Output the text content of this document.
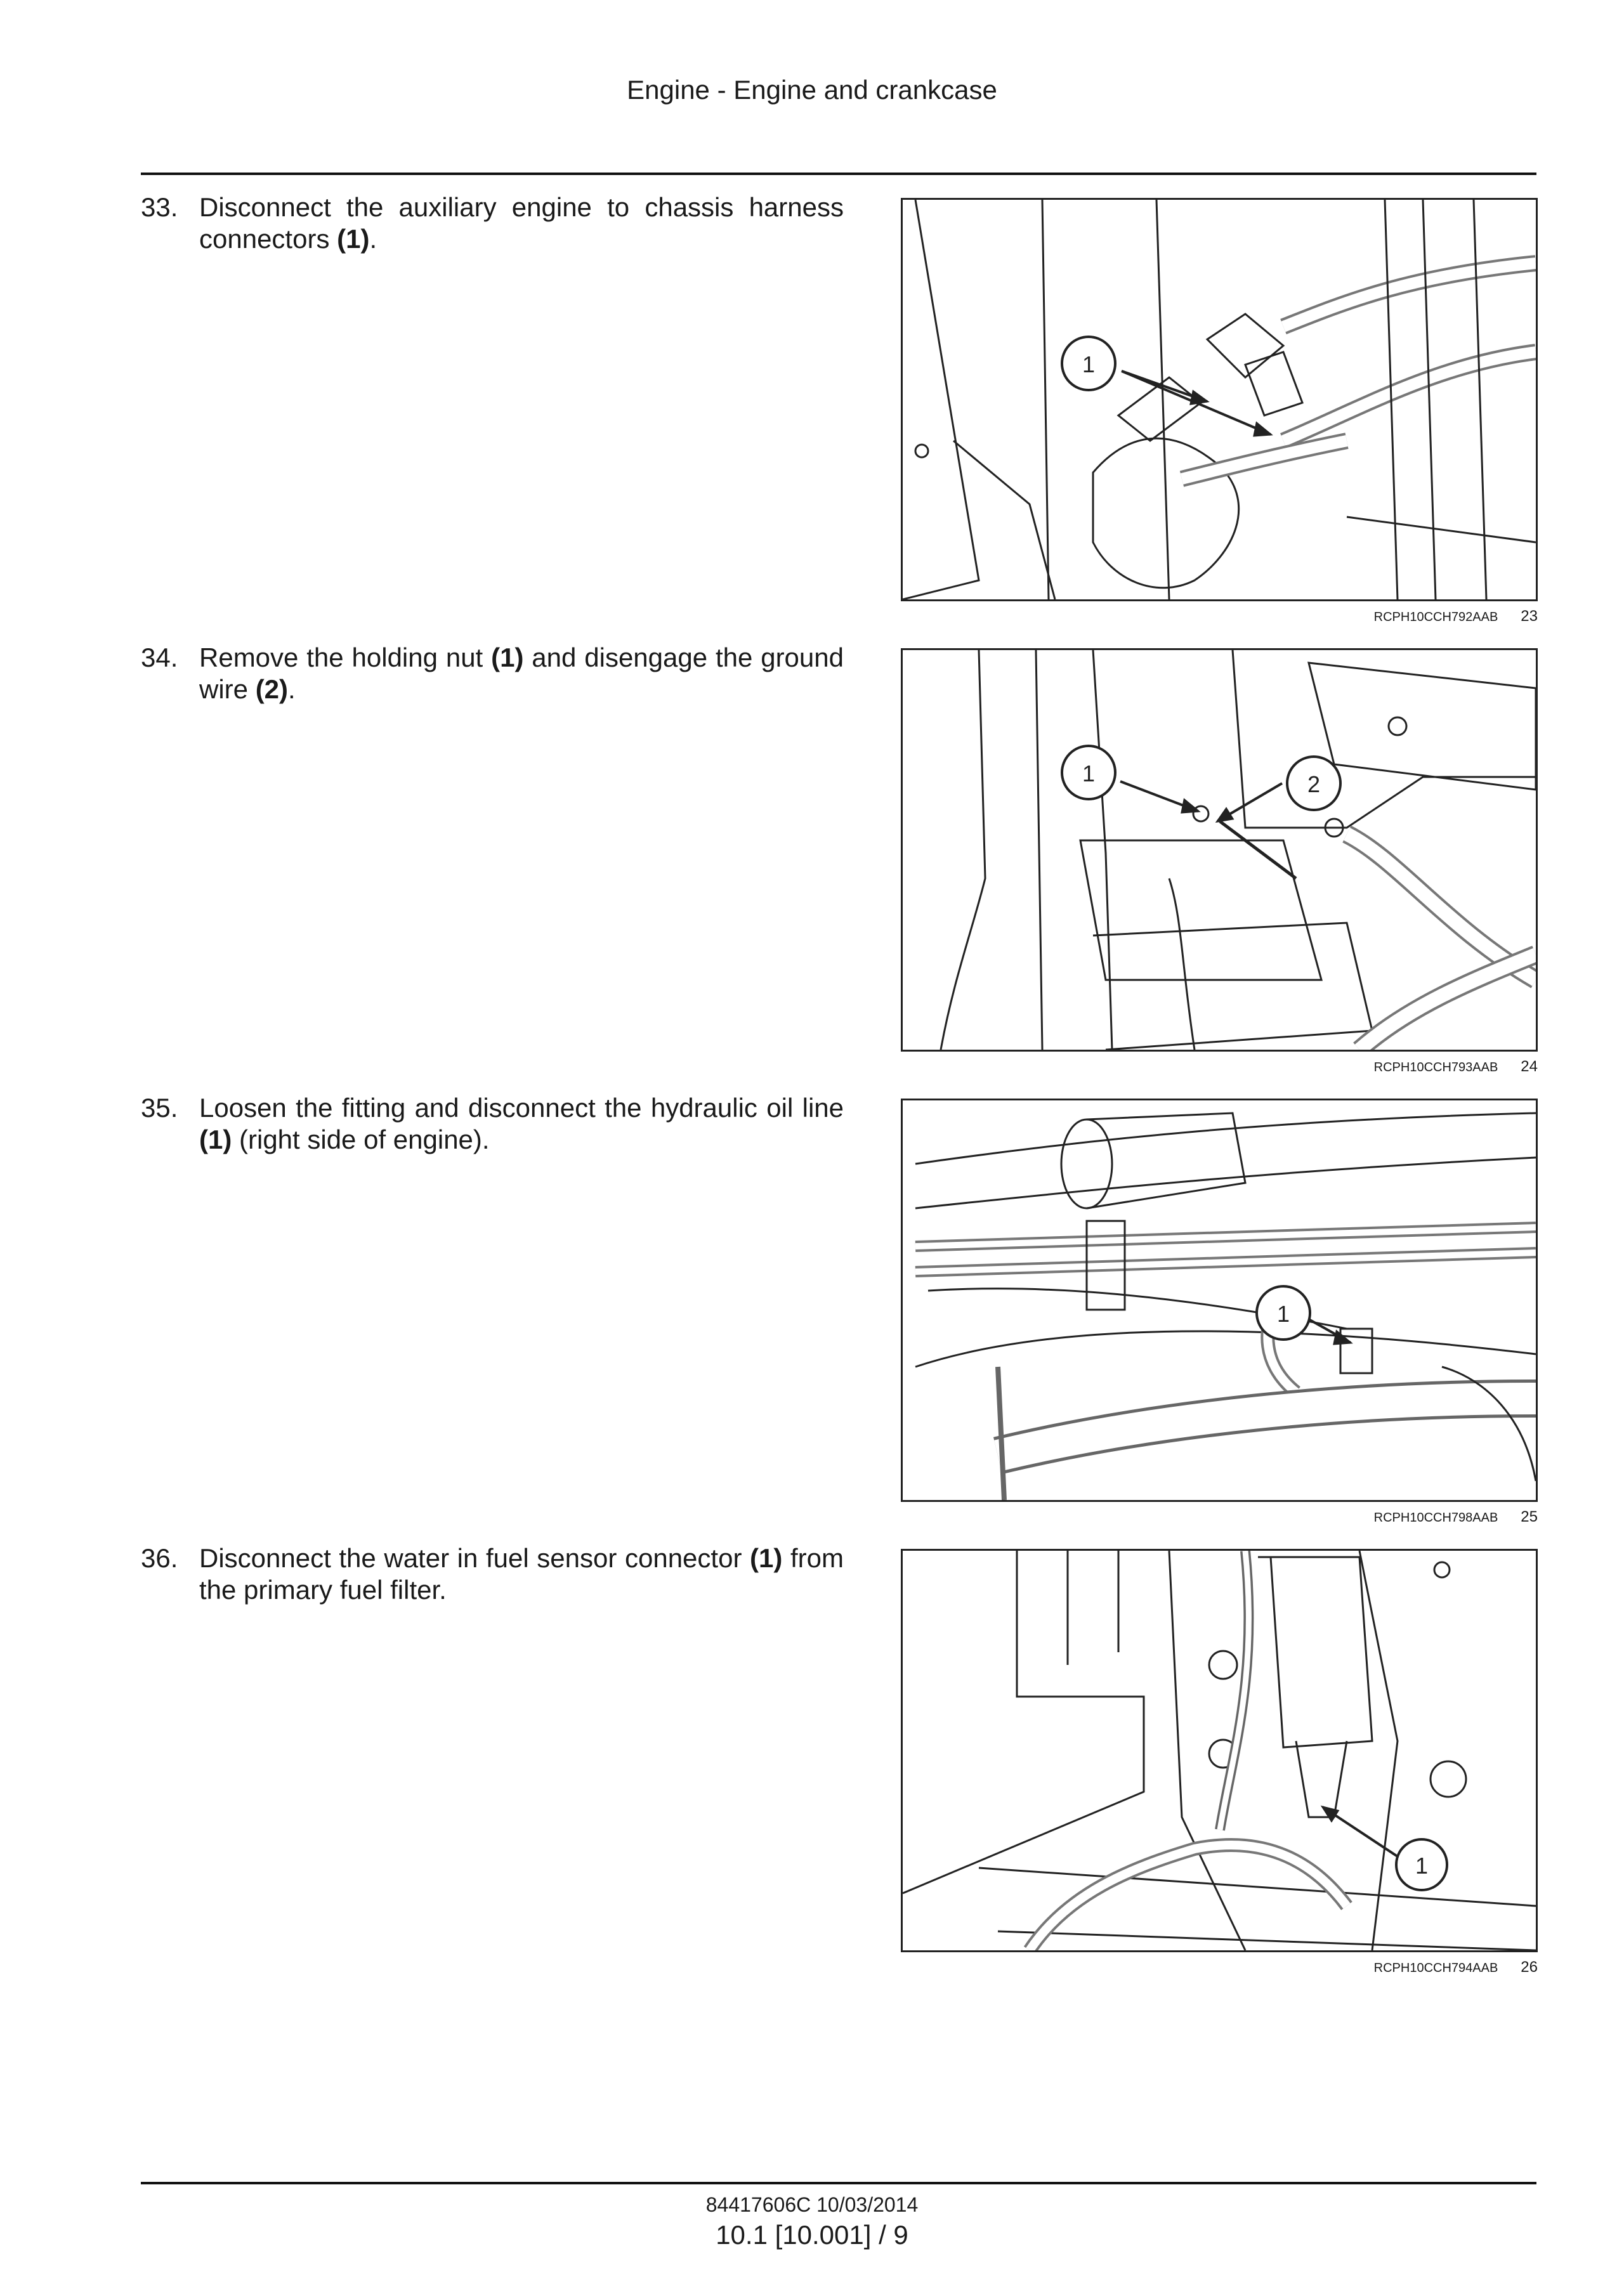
Engine - Engine and crankcase
33. Disconnect the auxiliary engine to chassis harness connectors (1).
1
RCPH10CCH792AAB 23
34. Remove the holding nut (1) and disengage the ground wire (2).
1	2
RCPH10CCH793AAB 24
35. Loosen the fitting and disconnect the hydraulic oil line (1) (right side of engine).
1
RCPH10CCH798AAB 25
36. Disconnect the water in fuel sensor connector (1) from the primary fuel filter.
1
RCPH10CCH794AAB 26
84417606C 10/03/2014
10.1 [10.001] / 9
